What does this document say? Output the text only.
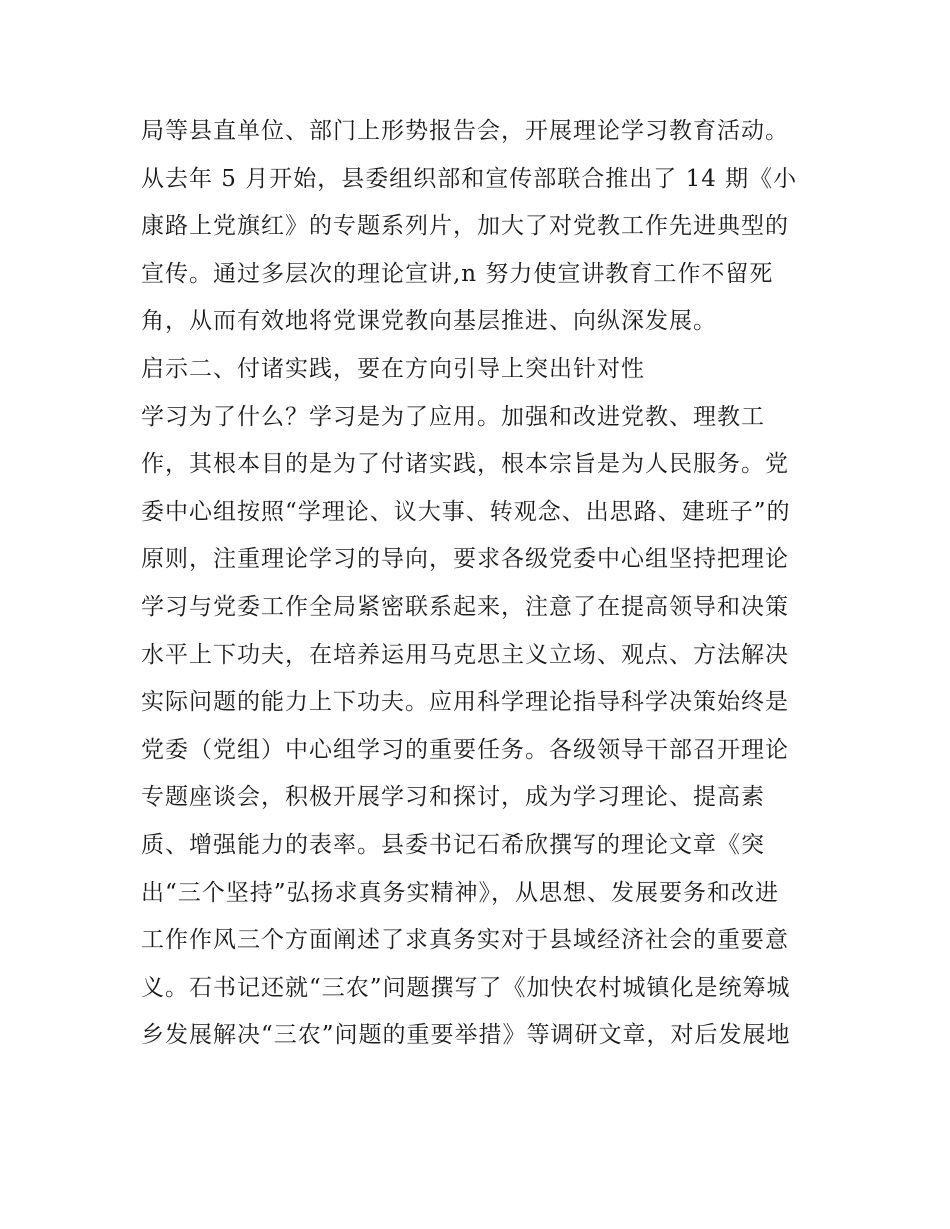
局等县直单位、部门上形势报告会，开展理论学习教育活动。
从去年 5 月开始，县委组织部和宣传部联合推出了 14 期《小
康路上党旗红》的专题系列片，加大了对党教工作先进典型的
宣传。通过多层次的理论宣讲,n 努力使宣讲教育工作不留死
角，从而有效地将党课党教向基层推进、向纵深发展。
启示二、付诸实践，要在方向引导上突出针对性
学习为了什么？学习是为了应用。加强和改进党教、理教工
作，其根本目的是为了付诸实践，根本宗旨是为人民服务。党
委中心组按照“学理论、议大事、转观念、出思路、建班子”的
原则，注重理论学习的导向，要求各级党委中心组坚持把理论
学习与党委工作全局紧密联系起来，注意了在提高领导和决策
水平上下功夫，在培养运用马克思主义立场、观点、方法解决
实际问题的能力上下功夫。应用科学理论指导科学决策始终是
党委（党组）中心组学习的重要任务。各级领导干部召开理论
专题座谈会，积极开展学习和探讨，成为学习理论、提高素
质、增强能力的表率。县委书记石希欣撰写的理论文章《突
出“三个坚持”弘扬求真务实精神》，从思想、发展要务和改进
工作作风三个方面阐述了求真务实对于县域经济社会的重要意
义。石书记还就“三农”问题撰写了《加快农村城镇化是统筹城
乡发展解决“三农”问题的重要举措》等调研文章，对后发展地
